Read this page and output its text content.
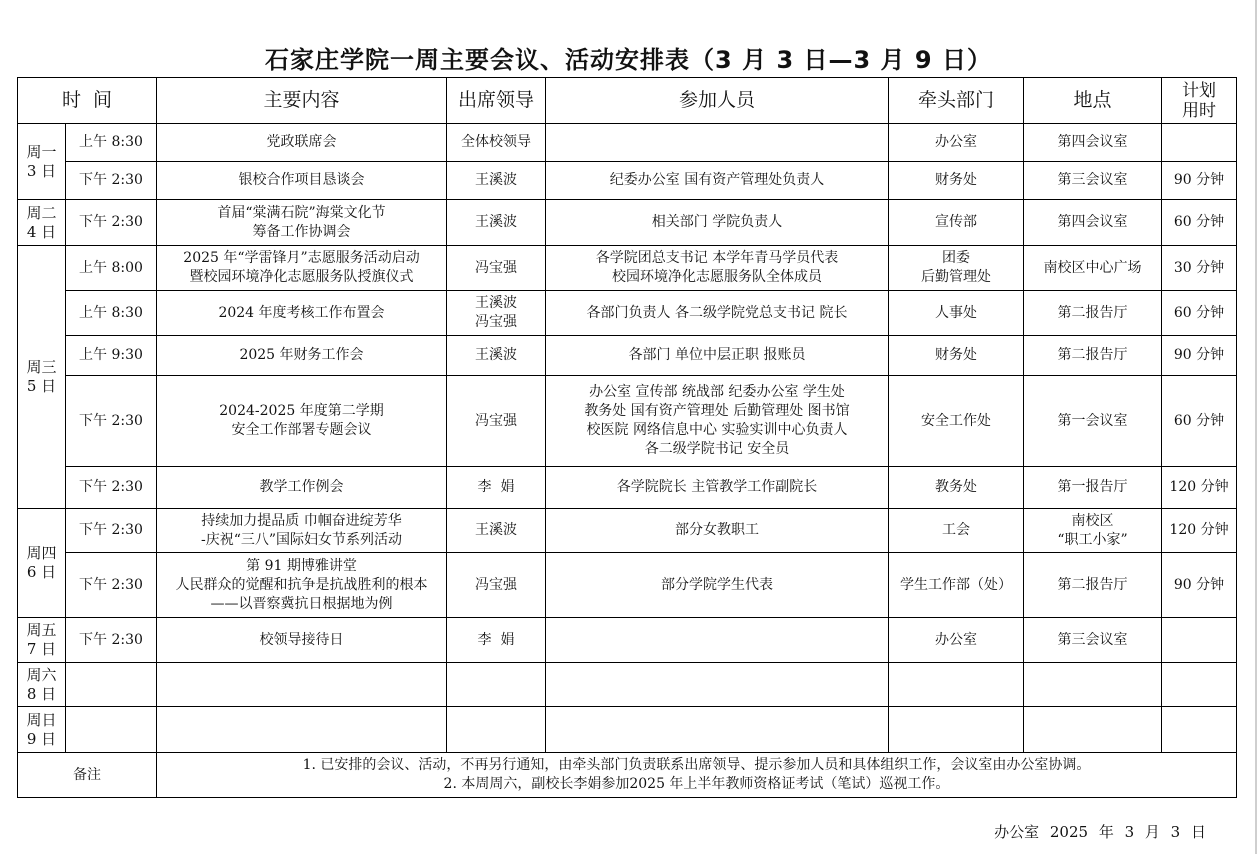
石家庄学院一周主要会议、活动安排表（3 月 3 日—3 月 9 日）
时  间		主要内容	出席领导	参加人员	牵头部门	地点	计划
用时
周一
3 日	上午 8:30	党政联席会	全体校领导		办公室	第四会议室	
	下午 2:30	银校合作项目恳谈会	王溪波	纪委办公室 国有资产管理处负责人	财务处	第三会议室	90 分钟
周二
4 日	下午 2:30	首届“棠满石院”海棠文化节
筹备工作协调会	王溪波	相关部门 学院负责人	宣传部	第四会议室	60 分钟
周三
5 日	上午 8:00	2025 年“学雷锋月”志愿服务活动启动
暨校园环境净化志愿服务队授旗仪式	冯宝强	各学院团总支书记 本学年青马学员代表
校园环境净化志愿服务队全体成员	团委
后勤管理处	南校区中心广场	30 分钟
	上午 8:30	2024 年度考核工作布置会	王溪波
冯宝强	各部门负责人 各二级学院党总支书记 院长	人事处	第二报告厅	60 分钟
	上午 9:30	2025 年财务工作会	王溪波	各部门 单位中层正职 报账员	财务处	第二报告厅	90 分钟
	下午 2:30	2024-2025 年度第二学期
安全工作部署专题会议	冯宝强	办公室 宣传部 统战部 纪委办公室 学生处
教务处 国有资产管理处 后勤管理处 图书馆
校医院 网络信息中心 实验实训中心负责人
各二级学院书记 安全员	安全工作处	第一会议室	60 分钟
	下午 2:30	教学工作例会	李  娟	各学院院长 主管教学工作副院长	教务处	第一报告厅	120 分钟
周四
6 日	下午 2:30	持续加力提品质 巾帼奋进绽芳华
-庆祝“三八”国际妇女节系列活动	王溪波	部分女教职工	工会	南校区
“职工小家”	120 分钟
	下午 2:30	第 91 期博雅讲堂
人民群众的觉醒和抗争是抗战胜利的根本
——以晋察冀抗日根据地为例	冯宝强	部分学院学生代表	学生工作部（处）	第二报告厅	90 分钟
周五
7 日	下午 2:30	校领导接待日	李  娟		办公室	第三会议室	
周六
8 日							
周日
9 日							
备注		1. 已安排的会议、活动，不再另行通知，由牵头部门负责联系出席领导、提示参加人员和具体组织工作，会议室由办公室协调。
2. 本周周六，副校长李娟参加2025 年上半年教师资格证考试（笔试）巡视工作。					
办公室 2025 年 3 月 3 日
